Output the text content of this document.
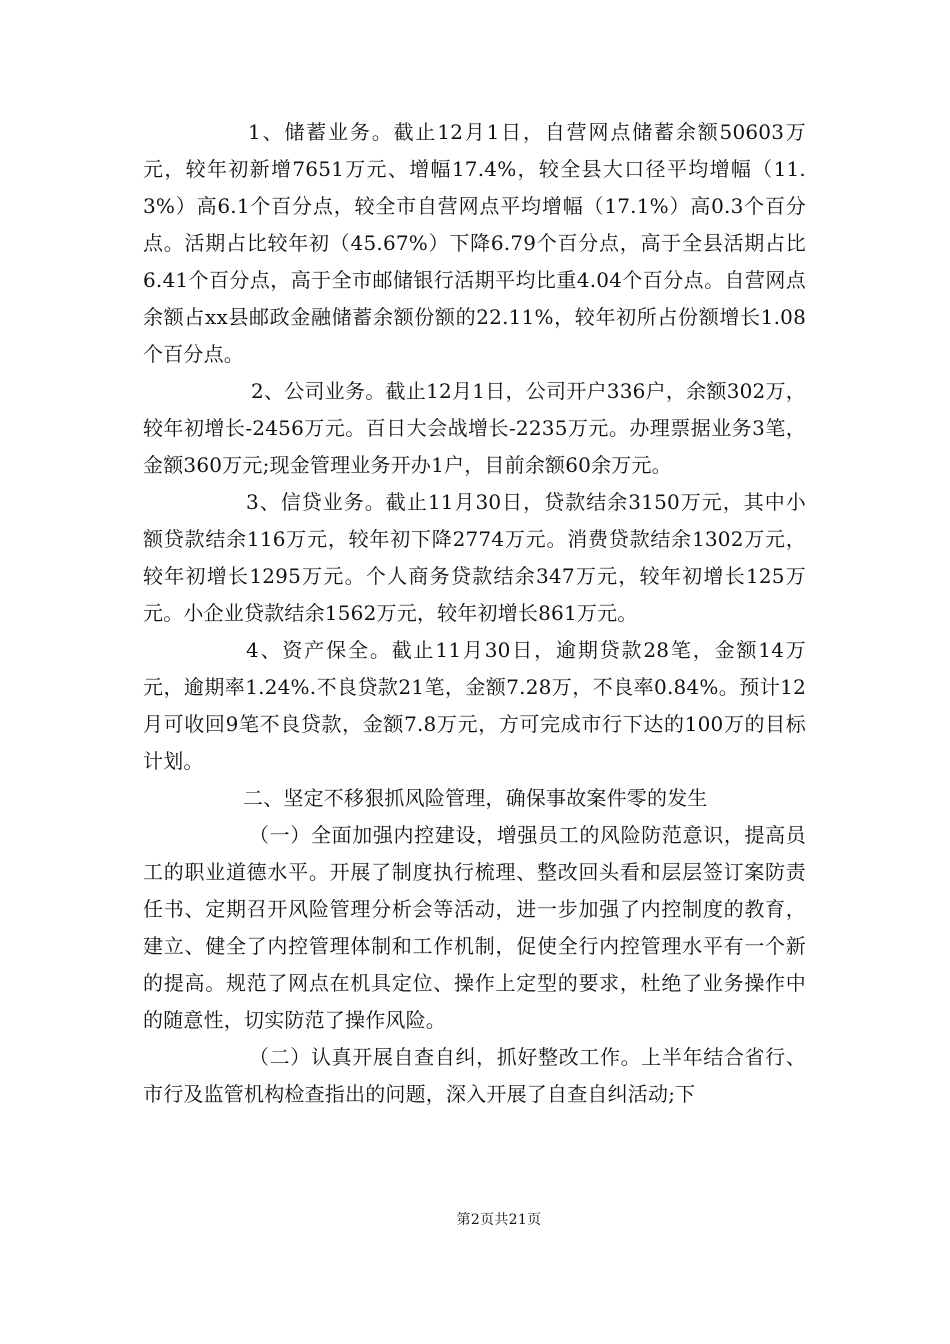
1、储蓄业务。截止12月1日，自营网点储蓄余额50603万元，较年初新增7651万元、增幅17.4%，较全县大口径平均增幅（11.3%）高6.1个百分点，较全市自营网点平均增幅（17.1%）高0.3个百分点。活期占比较年初（45.67%）下降6.79个百分点，高于全县活期占比6.41个百分点，高于全市邮储银行活期平均比重4.04个百分点。自营网点余额占xx县邮政金融储蓄余额份额的22.11%，较年初所占份额增长1.08个百分点。

2、公司业务。截止12月1日，公司开户336户，余额302万，较年初增长-2456万元。百日大会战增长-2235万元。办理票据业务3笔，金额360万元;现金管理业务开办1户，目前余额60余万元。

3、信贷业务。截止11月30日，贷款结余3150万元，其中小额贷款结余116万元，较年初下降2774万元。消费贷款结余1302万元，较年初增长1295万元。个人商务贷款结余347万元，较年初增长125万元。小企业贷款结余1562万元，较年初增长861万元。

4、资产保全。截止11月30日，逾期贷款28笔，金额14万元，逾期率1.24%.不良贷款21笔，金额7.28万，不良率0.84%。预计12月可收回9笔不良贷款，金额7.8万元，方可完成市行下达的100万的目标计划。

二、坚定不移狠抓风险管理，确保事故案件零的发生

（一）全面加强内控建设，增强员工的风险防范意识，提高员工的职业道德水平。开展了制度执行梳理、整改回头看和层层签订案防责任书、定期召开风险管理分析会等活动，进一步加强了内控制度的教育，建立、健全了内控管理体制和工作机制，促使全行内控管理水平有一个新的提高。规范了网点在机具定位、操作上定型的要求，杜绝了业务操作中的随意性，切实防范了操作风险。

（二）认真开展自查自纠，抓好整改工作。上半年结合省行、市行及监管机构检查指出的问题，深入开展了自查自纠活动;下

第2页共21页
